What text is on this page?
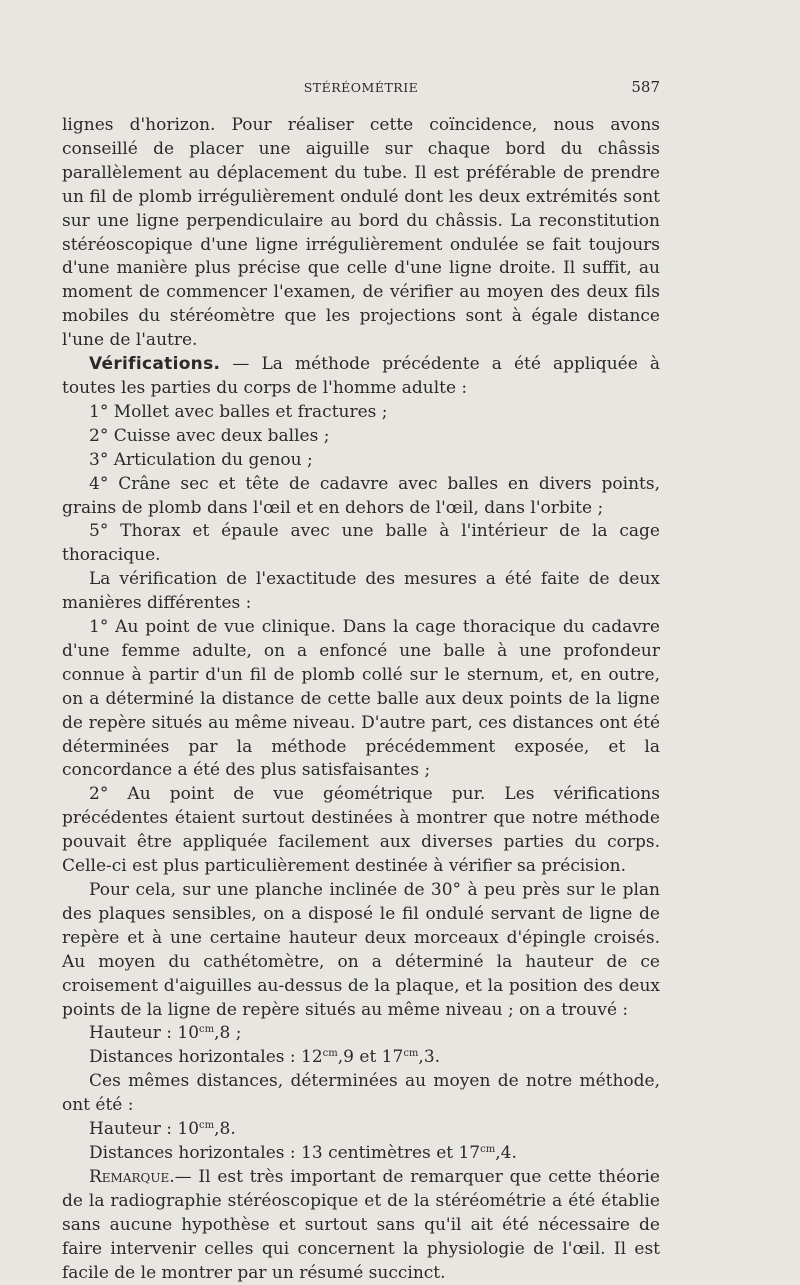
STÉRÉOMÉTRIE	587

lignes d'horizon. Pour réaliser cette coïncidence, nous avons conseillé de placer une aiguille sur chaque bord du châssis parallèlement au déplacement du tube. Il est préférable de prendre un fil de plomb irrégulièrement ondulé dont les deux extrémités sont sur une ligne perpendiculaire au bord du châssis. La reconstitution stéréoscopique d'une ligne irrégulièrement ondulée se fait toujours d'une manière plus précise que celle d'une ligne droite. Il suffit, au moment de commencer l'examen, de vérifier au moyen des deux fils mobiles du stéréomètre que les projections sont à égale distance l'une de l'autre.

Vérifications. — La méthode précédente a été appliquée à toutes les parties du corps de l'homme adulte :

1° Mollet avec balles et fractures ;

2° Cuisse avec deux balles ;

3° Articulation du genou ;

4° Crâne sec et tête de cadavre avec balles en divers points, grains de plomb dans l'œil et en dehors de l'œil, dans l'orbite ;

5° Thorax et épaule avec une balle à l'intérieur de la cage thoracique.

La vérification de l'exactitude des mesures a été faite de deux manières différentes :

1° Au point de vue clinique. Dans la cage thoracique du cadavre d'une femme adulte, on a enfoncé une balle à une profondeur connue à partir d'un fil de plomb collé sur le sternum, et, en outre, on a déterminé la distance de cette balle aux deux points de la ligne de repère situés au même niveau. D'autre part, ces distances ont été déterminées par la méthode précédemment exposée, et la concordance a été des plus satisfaisantes ;

2° Au point de vue géométrique pur. Les vérifications précédentes étaient surtout destinées à montrer que notre méthode pouvait être appliquée facilement aux diverses parties du corps. Celle-ci est plus particulièrement destinée à vérifier sa précision.

Pour cela, sur une planche inclinée de 30° à peu près sur le plan des plaques sensibles, on a disposé le fil ondulé servant de ligne de repère et à une certaine hauteur deux morceaux d'épingle croisés. Au moyen du cathétomètre, on a déterminé la hauteur de ce croisement d'aiguilles au-dessus de la plaque, et la position des deux points de la ligne de repère situés au même niveau ; on a trouvé :

Hauteur : $10^{cm},8$ ;

Distances horizontales : $12^{cm},9$ et $17^{cm},3$.

Ces mêmes distances, déterminées au moyen de notre méthode, ont été :

Hauteur : $10^{cm},8$.

Distances horizontales : 13 centimètres et $17^{cm},4$.

Remarque.— Il est très important de remarquer que cette théorie de la radiographie stéréoscopique et de la stéréométrie a été établie sans aucune hypothèse et surtout sans qu'il ait été nécessaire de faire intervenir celles qui concernent la physiologie de l'œil. Il est facile de le montrer par un résumé succinct.
